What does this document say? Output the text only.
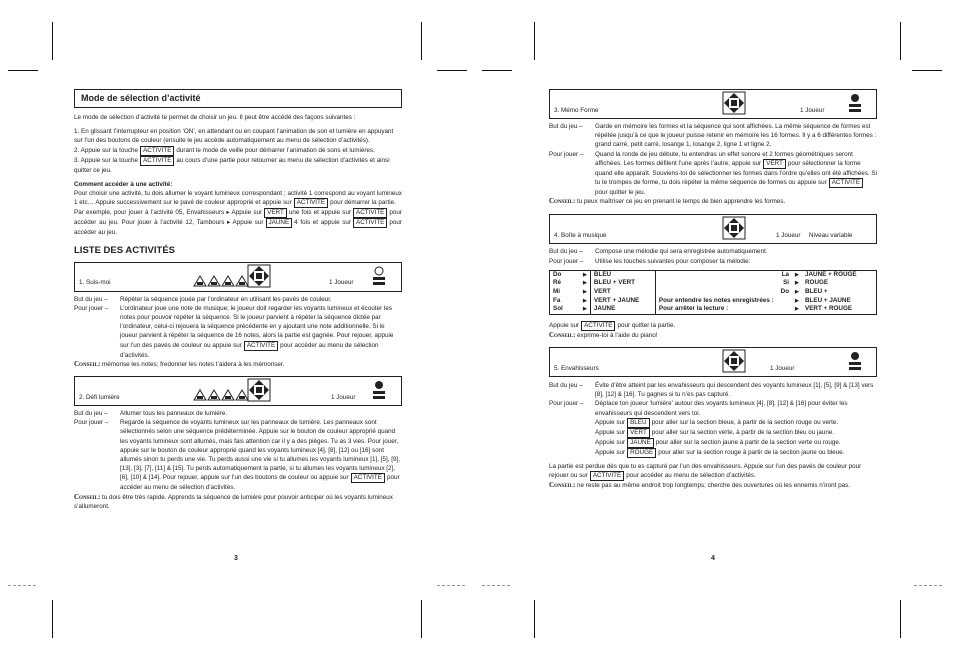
Mode de sélection d’activité

Le mode de sélection d’activité te permet de choisir un jeu. Il peut être accédé des façons suivantes :

1. En glissant l’interrupteur en position ‘ON’, en attendant ou en coupant l’animation de son et lumière en appuyant sur l’un des boutons de couleur (ensuite le jeu accède automatiquement au menu de sélection d’activités).

2. Appuie sur la touche ACTIVITÉ durant le mode de veille pour démarrer l’animation de sons et lumières.

3. Appuie sur la touche ACTIVITÉ au cours d’une partie pour retourner au menu de sélection d’activités et ainsi quitter ce jeu.

Comment accéder à une activité:

Pour choisir une activité, tu dois allumer le voyant lumineux correspondant ; activité 1 correspond au voyant lumineux 1 etc… Appuie successivement sur le pavé de couleur approprié et appuie sur ACTIVITÉ pour démarrer la partie.

Par exemple, pour jouer à l’activité 05, Envahisseurs ▸ Appuie sur VERT une fois et appuie sur ACTIVITÉ pour accéder au jeu. Pour jouer à l’activité 12, Tambours ▸ Appuie sur JAUNE 4 fois et appuie sur ACTIVITÉ pour accéder au jeu.

LISTE DES ACTIVITÉS
1. Suis-moi	1 Joueur
But du jeu –	Répéter la séquence jouée par l’ordinateur en utilisant les pavés de couleur.
Pour jouer –	L’ordinateur joue une note de musique; le joueur doit regarder les voyants lumineux et écouter les notes pour pouvoir répéter la séquence. Si le joueur parvient à répéter la séquence dictée par l’ordinateur, celui-ci rejouera la séquence précédente en y ajoutant une note additionnelle. Si le joueur parvient à répéter la séquence de 16 notes, alors la partie est gagnée. Pour rejouer, appuie sur l’un des pavés de couleur ou appuie sur ACTIVITÉ pour accéder au menu de sélection d’activités.

Conseil: mémorise les notes; fredonner les notes t’aidera à les mémoriser.

2. Défi lumière	1 Joueur
But du jeu –	Allumer tous les panneaux de lumière.
Pour jouer –	Regarde la séquence de voyants lumineux sur les panneaux de lumière. Les panneaux sont sélectionnés selon une séquence prédéterminée. Appuie sur le bouton de couleur approprié quand les voyants lumineux sont allumés, mais fais attention car il y a des pièges. Tu as 3 vies. Pour jouer, appuie sur le bouton de couleur approprié quand les voyants lumineux [4], [8], [12] ou [16] sont allumés sinon tu perds une vie. Tu perds aussi une vie si tu allumes les voyants lumineux [1], [5], [9], [13], [3], [7], [11] & [15]. Tu perds automatiquement la partie, si tu allumes les voyants lumineux [2], [6], [10] & [14]. Pour rejouer, appuie sur l’un des boutons de couleur ou appuie sur ACTIVITÉ pour accéder au menu de sélection d’activités.

Conseil: tu dois être très rapide. Apprends la séquence de lumière pour pouvoir anticiper où les voyants lumineux s’allumeront.

3
3. Mémo Forme	1 Joueur
But du jeu –	Garde en mémoire les formes et la séquence qui sont affichées. La même séquence de formes est répétée jusqu’à ce que le joueur puisse retenir en mémoire les 16 formes. Il y a 6 différentes formes : grand carré, petit carré, losange 1, losange 2, ligne 1 et ligne 2.
Pour jouer –	Quand la ronde de jeu débute, tu entendras un effet sonore et 2 formes géométriques seront affichées. Les formes défilent l’une après l’autre, appuie sur VERT pour sélectionner la forme quand elle apparaît. Souviens-toi de sélectionner les formes dans l’ordre qu’elles ont été affichées. Si tu te trompes de forme, tu dois répéter la même séquence de formes ou appuie sur ACTIVITÉpour quitter le jeu.

Conseil: tu peux maîtriser ce jeu en prenant le temps de bien apprendre les formes.

4. Boîte à musique	1 Joueur Niveau variable
But du jeu –	Compose une mélodie qui sera enregistrée automatiquement.
Pour jouer –	Utilise les touches suivantes pour composer ta mélodie:
Do	▶	BLEU		La	▶	JAUNE + ROUGE
Ré	▶	BLEU + VERT		Si	▶	ROUGE
Mi	▶	VERT		Do	▶	BLEU +
Fa	▶	VERT + JAUNE	Pour entendre les notes enregistrées :		▶	BLEU + JAUNE
Sol	▶	JAUNE	Pour arrêter la lecture :		▶	VERT + ROUGE

Appuie sur ACTIVITÉ pour quitter la partie.

Conseil: exprime-toi à l’aide du piano!

5. Envahisseurs	1 Joueur
But du jeu –	Évite d’être atteint par les envahisseurs qui descendent des voyants lumineux [1], [5], [9] & [13] vers [8], [12] & [16]. Tu gagnes si tu n’es pas capturé.
Pour jouer –	Déplace ton joueur ‘lumière’ autour des voyants lumineux [4], [8], [12] & [16] pour éviter les envahisseurs qui descendent vers toi.

Appuie sur BLEU pour aller sur la section bleue, à partir de la section rouge ou verte.

Appuie sur VERT pour aller sur la section verte, à partir de la section bleu ou jaune.

Appuie sur JAUNE pour aller sur la section jaune à partir de la section verte ou rouge.

Appuie sur ROUGE pour aller sur la section rouge à partir de la section jaune ou bleue.

La partie est perdue dès que tu es capturé par l’un des envahisseurs. Appuie sur l’un des pavés de couleur pour rejouer ou sur ACTIVITÉ pour accéder au menu de sélection d’activités.

Conseil: ne reste pas au même endroit trop longtemps; cherche des ouvertures où les ennemis n’iront pas.

4
